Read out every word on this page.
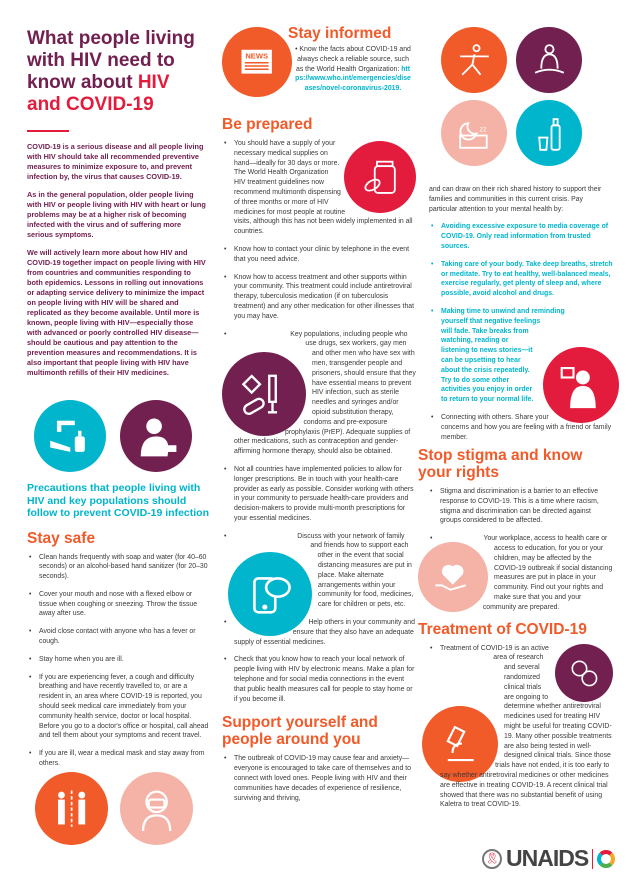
What people living with HIV need to know about HIV and COVID-19

COVID-19 is a serious disease and all people living with HIV should take all recommended preventive measures to minimize exposure to, and prevent infection by, the virus that causes COVID-19.

As in the general population, older people living with HIV or people living with HIV with heart or lung problems may be at a higher risk of becoming infected with the virus and of suffering more serious symptoms.

We will actively learn more about how HIV and COVID-19 together impact on people living with HIV from countries and communities responding to both epidemics. Lessons in rolling out innovations or adapting service delivery to minimize the impact on people living with HIV will be shared and replicated as they become available. Until more is known, people living with HIV—especially those with advanced or poorly controlled HIV disease—should be cautious and pay attention to the prevention measures and recommendations. It is also important that people living with HIV have multimonth refills of their HIV medicines.

Precautions that people living with HIV and key populations should follow to prevent COVID-19 infection
Stay safe
• Clean hands frequently with soap and water (for 40–60 seconds) or an alcohol-based hand sanitizer (for 20–30 seconds).
• Cover your mouth and nose with a flexed elbow or tissue when coughing or sneezing. Throw the tissue away after use.
• Avoid close contact with anyone who has a fever or cough.
• Stay home when you are ill.
• If you are experiencing fever, a cough and difficulty breathing and have recently travelled to, or are a resident in, an area where COVID-19 is reported, you should seek medical care immediately from your community health service, doctor or local hospital. Before you go to a doctor's office or hospital, call ahead and tell them about your symptoms and recent travel.
• If you are ill, wear a medical mask and stay away from others.
NEWS
Stay informed

• Know the facts about COVID-19 and always check a reliable source, such as the World Health Organization: https://www.who.int/emergencies/diseases/novel-coronavirus-2019.

Be prepared
• You should have a supply of your necessary medical supplies on hand—ideally for 30 days or more. The World Health Organization HIV treatment guidelines now recommend multimonth dispensing of three months or more of HIV medicines for most people at routine visits, although this has not been widely implemented in all countries.
• Know how to contact your clinic by telephone in the event that you need advice.
• Know how to access treatment and other supports within your community. This treatment could include antiretroviral therapy, tuberculosis medication (if on tuberculosis treatment) and any other medication for other illnesses that you may have.
• Key populations, including people who use drugs, sex workers, gay men and other men who have sex with men, transgender people and prisoners, should ensure that they have essential means to prevent HIV infection, such as sterile needles and syringes and/or opioid substitution therapy, condoms and pre-exposure prophylaxis (PrEP). Adequate supplies of other medications, such as contraception and gender-affirming hormone therapy, should also be obtained.
• Not all countries have implemented policies to allow for longer prescriptions. Be in touch with your health-care provider as early as possible. Consider working with others in your community to persuade health-care providers and decision-makers to provide multi-month prescriptions for your essential medicines.
• Discuss with your network of family and friends how to support each other in the event that social distancing measures are put in place. Make alternate arrangements within your community for food, medicines, care for children or pets, etc.
• Help others in your community and ensure that they also have an adequate supply of essential medicines.
• Check that you know how to reach your local network of people living with HIV by electronic means. Make a plan for telephone and for social media connections in the event that public health measures call for people to stay home or if you become ill.
Support yourself and people around you
• The outbreak of COVID-19 may cause fear and anxiety—everyone is encouraged to take care of themselves and to connect with loved ones. People living with HIV and their communities have decades of experience of resilience, surviving and thriving,
zz

and can draw on their rich shared history to support their families and communities in this current crisis. Pay particular attention to your mental health by:

• Avoiding excessive exposure to media coverage of COVID-19. Only read information from trusted sources.
• Taking care of your body. Take deep breaths, stretch or meditate. Try to eat healthy, well-balanced meals, exercise regularly, get plenty of sleep and, where possible, avoid alcohol and drugs.
• Making time to unwind and reminding yourself that negative feelings will fade. Take breaks from watching, reading or listening to news stories—it can be upsetting to hear about the crisis repeatedly. Try to do some other activities you enjoy in order to return to your normal life.
• Connecting with others. Share your concerns and how you are feeling with a friend or family member.
Stop stigma and know your rights
• Stigma and discrimination is a barrier to an effective response to COVID-19. This is a time where racism, stigma and discrimination can be directed against groups considered to be affected.
• Your workplace, access to health care or access to education, for you or your children, may be affected by the COVID-19 outbreak if social distancing measures are put in place in your community. Find out your rights and make sure that you and your community are prepared.
Treatment of COVID-19
• Treatment of COVID-19 is an active area of research and several randomized clinical trials are ongoing to determine whether antiretroviral medicines used for treating HIV might be useful for treating COVID-19. Many other possible treatments are also being tested in well-designed clinical trials. Since those trials have not ended, it is too early to say whether antiretroviral medicines or other medicines are effective in treating COVID-19. A recent clinical trial showed that there was no substantial benefit of using Kaletra to treat COVID-19.
🎗 UNAIDS
